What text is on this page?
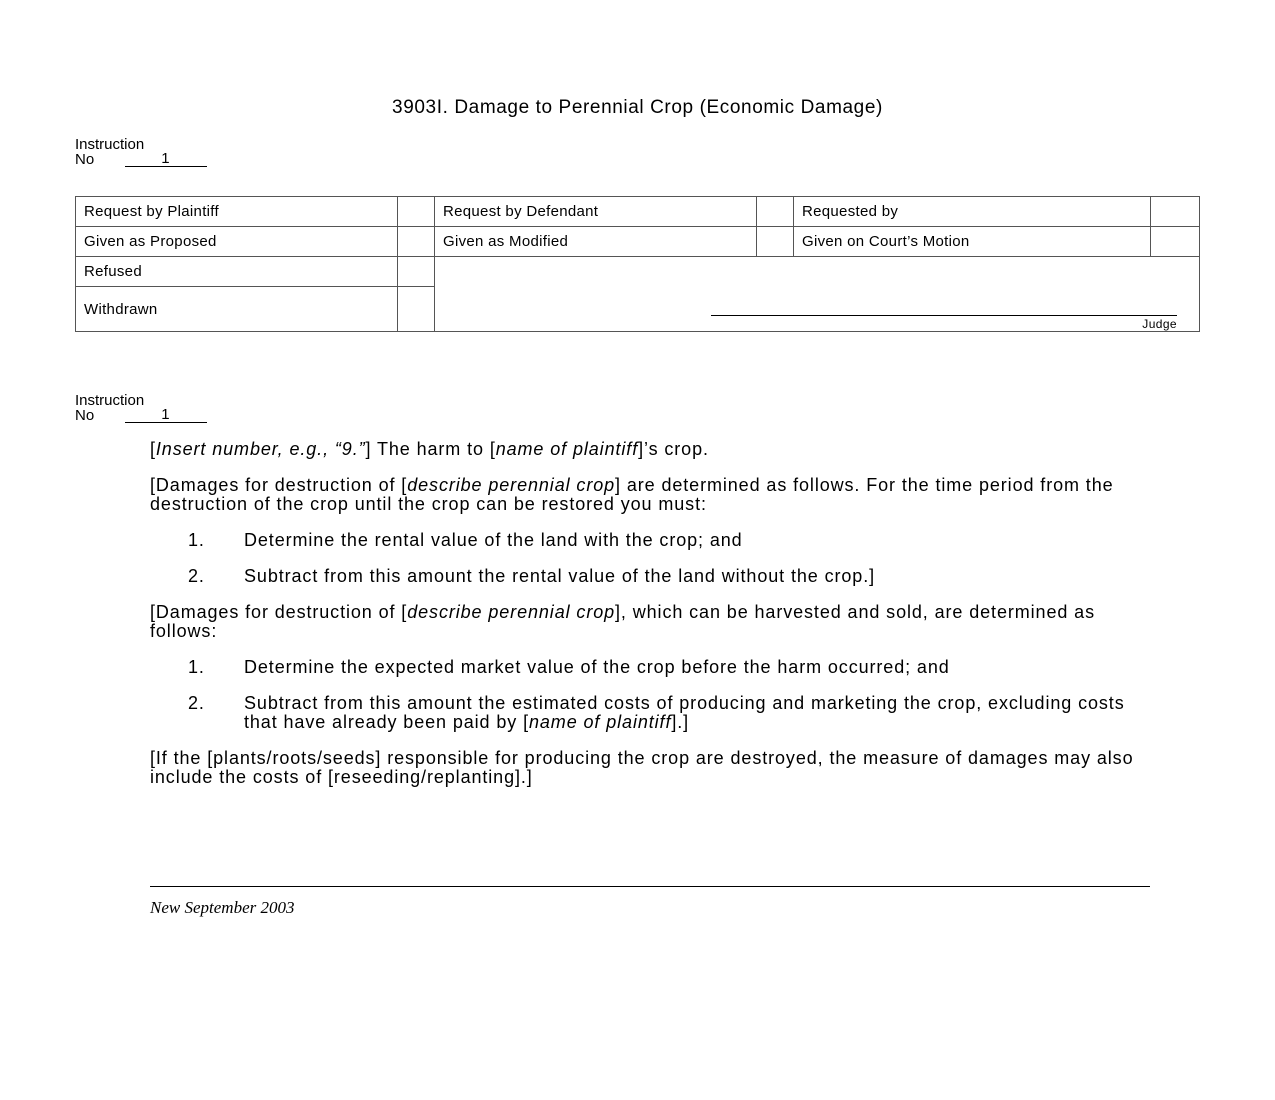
3903I. Damage to Perennial Crop (Economic Damage)
Instruction
No	1
Request by Plaintiff		Request by Defendant		Requested by	
Given as Proposed		Given as Modified		Given on Court’s Motion	
Refused		Judge			

Withdrawn					
Instruction
No	1

[Insert number, e.g., “9.”] The harm to [name of plaintiff]’s crop.

[Damages for destruction of [describe perennial crop] are determined as follows. For the time period from the destruction of the crop until the crop can be restored you must:

1.	Determine the rental value of the land with the crop; and
2.	Subtract from this amount the rental value of the land without the crop.]

[Damages for destruction of [describe perennial crop], which can be harvested and sold, are determined as follows:

1.	Determine the expected market value of the crop before the harm occurred; and
2.	Subtract from this amount the estimated costs of producing and marketing the crop, excluding costs that have already been paid by [name of plaintiff].]

[If the [plants/roots/seeds] responsible for producing the crop are destroyed, the measure of damages may also include the costs of [reseeding/replanting].]

New September 2003
